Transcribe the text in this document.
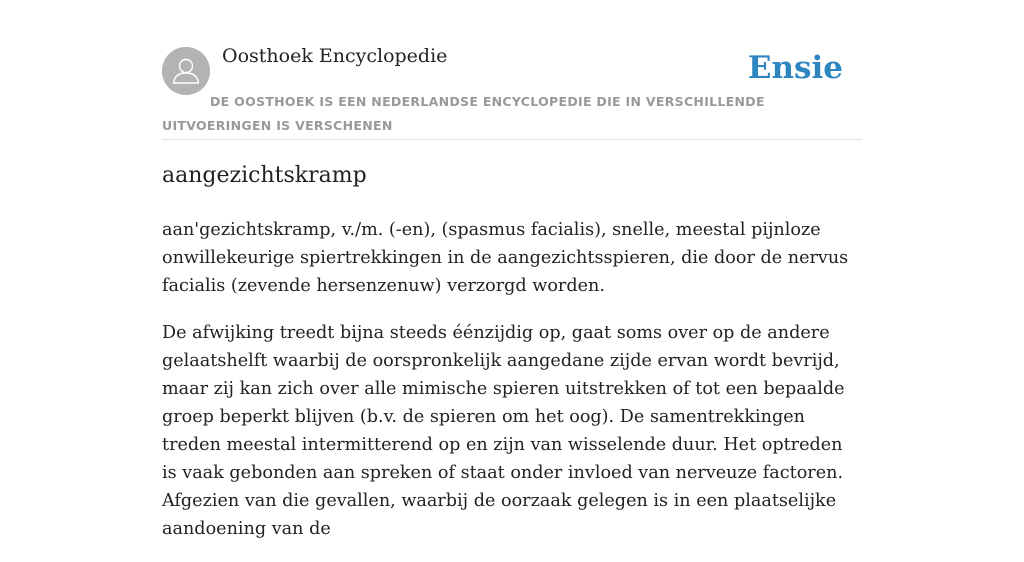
Oosthoek Encyclopedie	Ensie
DE OOSTHOEK IS EEN NEDERLANDSE ENCYCLOPEDIE DIE IN VERSCHILLENDE UITVOERINGEN IS VERSCHENEN
aangezichtskramp

aan'gezichtskramp, v./m. (-en), (spasmus facialis), snelle, meestal pijnloze onwillekeurige spiertrekkingen in de aangezichtsspieren, die door de nervus facialis (zevende hersenzenuw) verzorgd worden.

De afwijking treedt bijna steeds éénzijdig op, gaat soms over op de andere gelaatshelft waarbij de oorspronkelijk aangedane zijde ervan wordt bevrijd, maar zij kan zich over alle mimische spieren uitstrekken of tot een bepaalde groep beperkt blijven (b.v. de spieren om het oog). De samentrekkingen treden meestal intermitterend op en zijn van wisselende duur. Het optreden is vaak gebonden aan spreken of staat onder invloed van nerveuze factoren. Afgezien van die gevallen, waarbij de oorzaak gelegen is in een plaatselijke aandoening van de
